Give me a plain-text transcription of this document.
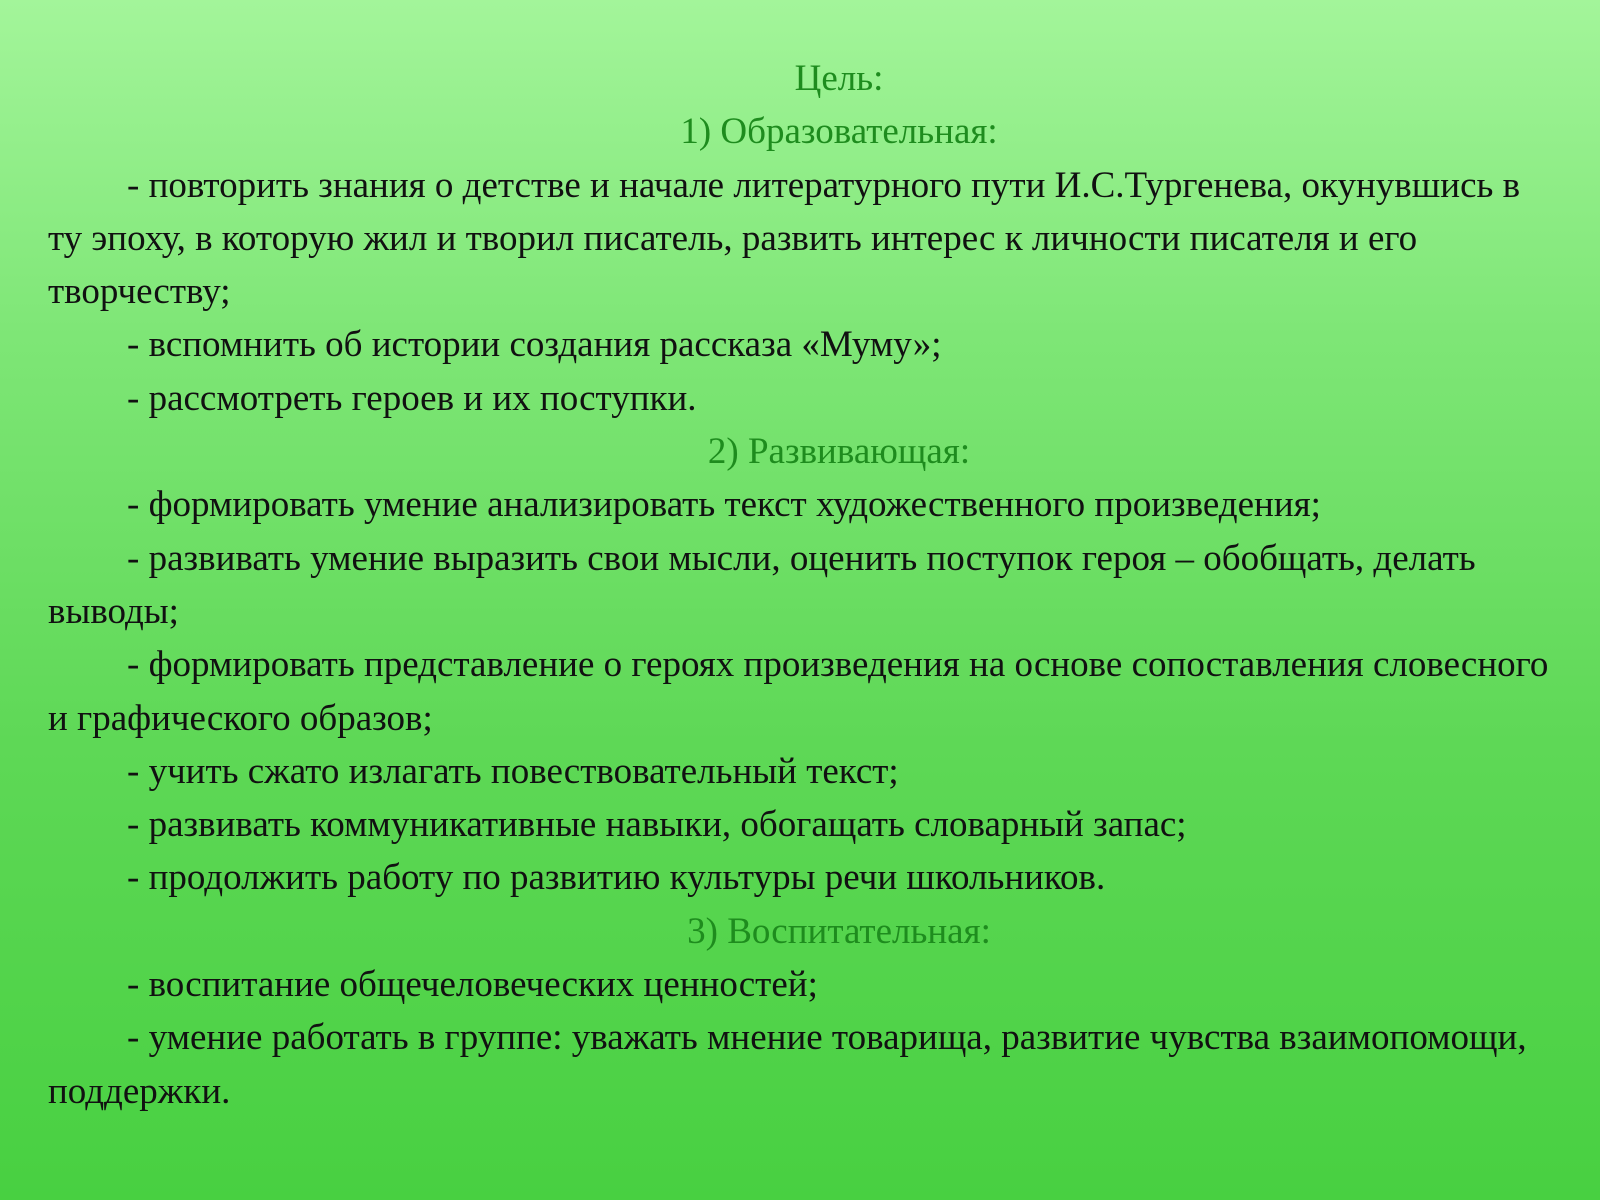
Цель:

1) Образовательная:

- повторить знания о детстве и начале литературного пути И.С.Тургенева, окунувшись в ту эпоху, в которую жил и творил писатель, развить интерес к личности писателя и его творчеству;

- вспомнить об истории создания рассказа «Муму»;

- рассмотреть героев и их поступки.

2) Развивающая:

- формировать умение анализировать текст художественного произведения;

- развивать умение выразить свои мысли, оценить поступок героя – обобщать, делать выводы;

- формировать представление о героях произведения на основе сопоставления словесного и графического образов;

- учить сжато излагать повествовательный текст;

- развивать коммуникативные навыки, обогащать словарный запас;

- продолжить работу по развитию культуры речи школьников.

3) Воспитательная:

- воспитание общечеловеческих ценностей;

- умение работать в группе: уважать мнение товарища, развитие чувства взаимопомощи, поддержки.
